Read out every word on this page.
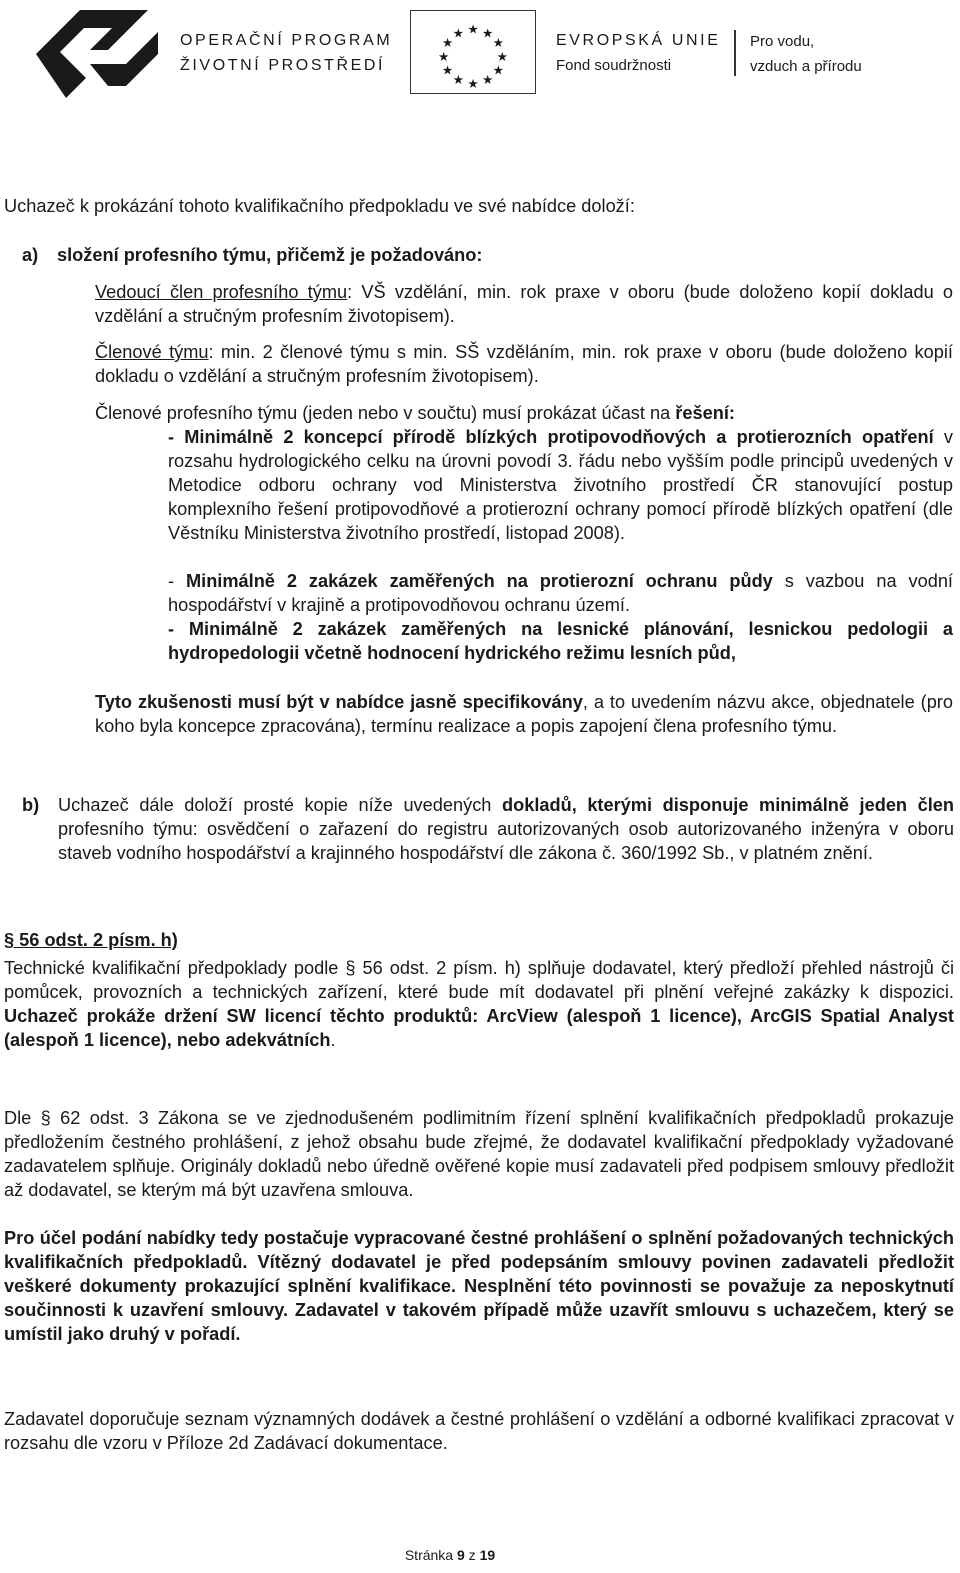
OPERAČNÍ PROGRAM
ŽIVOTNÍ PROSTŘEDÍ
★ ★
★
★
★
★
★
★
★
★
★
★	EVROPSKÁ UNIE
Fond soudržnosti
Pro vodu,
vzduch a přírodu

Uchazeč k prokázání tohoto kvalifikačního předpokladu ve své nabídce doloží:

a) složení profesního týmu, přičemž je požadováno:

Vedoucí člen profesního týmu: VŠ vzdělání, min. rok praxe v oboru (bude doloženo kopií dokladu o vzdělání a stručným profesním životopisem).

Členové týmu: min. 2 členové týmu s min. SŠ vzděláním, min. rok praxe v oboru (bude doloženo kopií dokladu o vzdělání a stručným profesním životopisem).

Členové profesního týmu (jeden nebo v součtu) musí prokázat účast na řešení:

- Minimálně 2 koncepcí přírodě blízkých protipovodňových a protierozních opatření v rozsahu hydrologického celku na úrovni povodí 3. řádu nebo vyšším podle principů uvedených v Metodice odboru ochrany vod Ministerstva životního prostředí ČR stanovující postup komplexního řešení protipovodňové a protierozní ochrany pomocí přírodě blízkých opatření (dle Věstníku Ministerstva životního prostředí, listopad 2008).

- Minimálně 2 zakázek zaměřených na protierozní ochranu půdy s vazbou na vodní hospodářství v krajině a protipovodňovou ochranu území.

- Minimálně 2 zakázek zaměřených na lesnické plánování, lesnickou pedologii a hydropedologii včetně hodnocení hydrického režimu lesních půd,

Tyto zkušenosti musí být v nabídce jasně specifikovány, a to uvedením názvu akce, objednatele (pro koho byla koncepce zpracována), termínu realizace a popis zapojení člena profesního týmu.

b) Uchazeč dále doloží prosté kopie níže uvedených dokladů, kterými disponuje minimálně jeden člen profesního týmu: osvědčení o zařazení do registru autorizovaných osob autorizovaného inženýra v oboru staveb vodního hospodářství a krajinného hospodářství dle zákona č. 360/1992 Sb., v platném znění.

§ 56 odst. 2 písm. h)

Technické kvalifikační předpoklady podle § 56 odst. 2 písm. h) splňuje dodavatel, který předloží přehled nástrojů či pomůcek, provozních a technických zařízení, které bude mít dodavatel při plnění veřejné zakázky k dispozici. Uchazeč prokáže držení SW licencí těchto produktů: ArcView (alespoň 1 licence), ArcGIS Spatial Analyst (alespoň 1 licence), nebo adekvátních.

Dle § 62 odst. 3 Zákona se ve zjednodušeném podlimitním řízení splnění kvalifikačních předpokladů prokazuje předložením čestného prohlášení, z jehož obsahu bude zřejmé, že dodavatel kvalifikační předpoklady vyžadované zadavatelem splňuje. Originály dokladů nebo úředně ověřené kopie musí zadavateli před podpisem smlouvy předložit až dodavatel, se kterým má být uzavřena smlouva.

Pro účel podání nabídky tedy postačuje vypracované čestné prohlášení o splnění požadovaných technických kvalifikačních předpokladů. Vítězný dodavatel je před podepsáním smlouvy povinen zadavateli předložit veškeré dokumenty prokazující splnění kvalifikace. Nesplnění této povinnosti se považuje za neposkytnutí součinnosti k uzavření smlouvy. Zadavatel v takovém případě může uzavřít smlouvu s uchazečem, který se umístil jako druhý v pořadí.

Zadavatel doporučuje seznam významných dodávek a čestné prohlášení o vzdělání a odborné kvalifikaci zpracovat v rozsahu dle vzoru v Příloze 2d Zadávací dokumentace.

Stránka 9 z 19
